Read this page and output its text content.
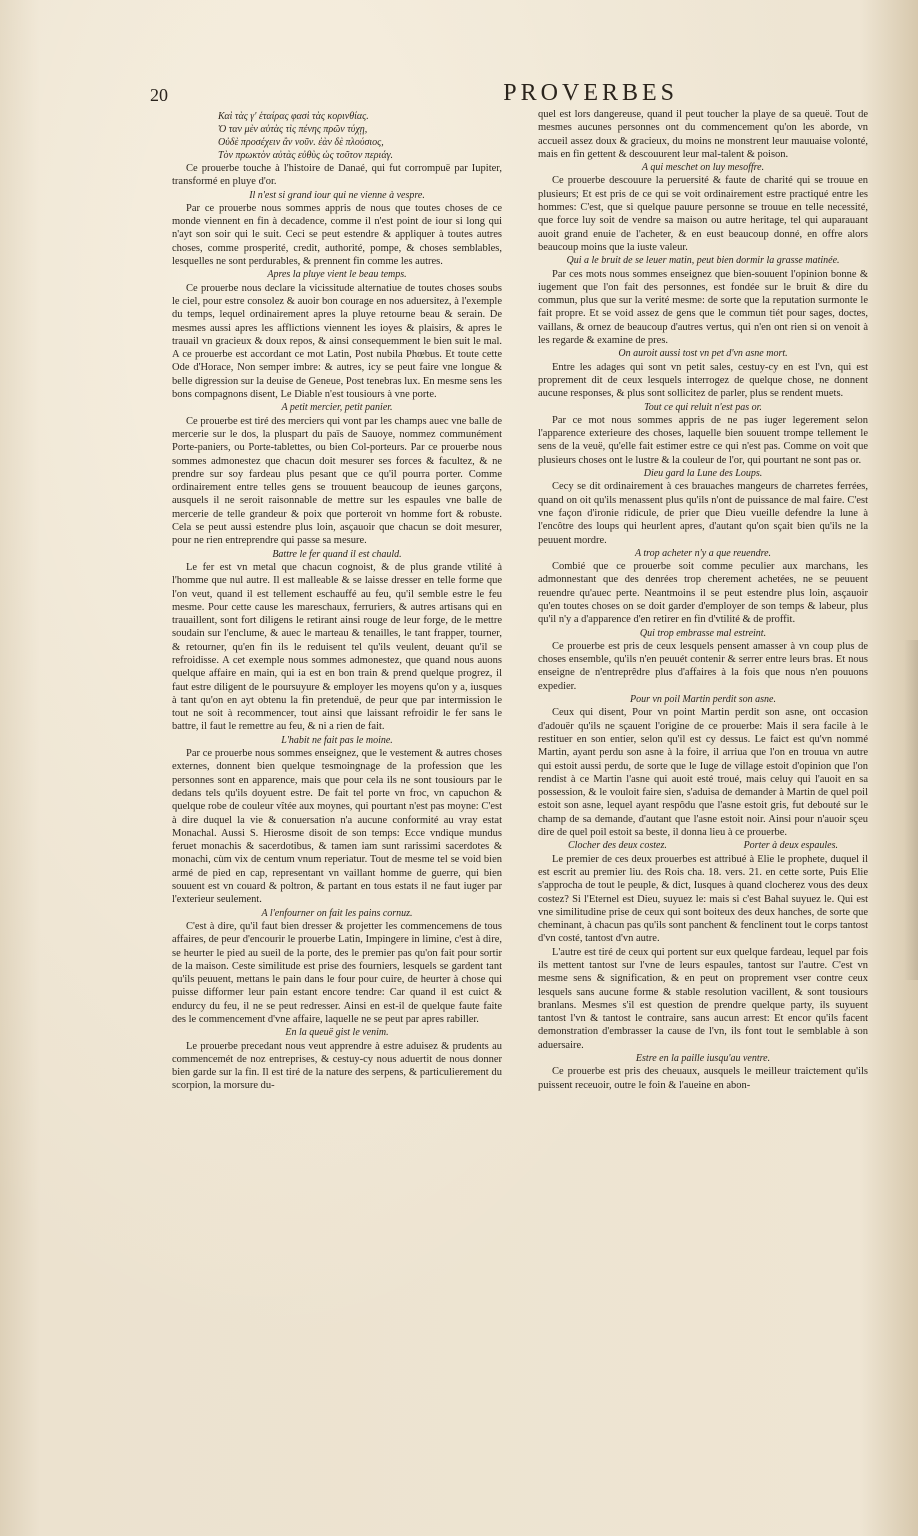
20	PROVERBES
Καὶ τὰς γ' ἑταίρας φασὶ τὰς κορινθίας.
Ὁ ταν μὲν αὐτὰς τὶς πένης πρῶν τύχῃ,
Οὐδὲ προσέχειν ἂν νοῦν. ἐὰν δὲ πλούσιος,
Τὸν πρωκτὸν αὐτὰς εὐθὺς ὡς τοῦτον περιάγ.

Ce prouerbe touche à l'histoire de Danaé, qui fut corrompuë par Iupiter, transformé en pluye d'or.

Il n'est si grand iour qui ne vienne à vespre.

Par ce prouerbe nous sommes appris de nous que toutes choses de ce monde viennent en fin à decadence, comme il n'est point de iour si long qui n'ayt son soir qui le suit. Ceci se peut estendre & appliquer à toutes autres choses, comme prosperité, credit, authorité, pompe, & choses semblables, lesquelles ne sont perdurables, & prennent fin comme les autres.

Apres la pluye vient le beau temps.

Ce prouerbe nous declare la vicissitude alternatiue de toutes choses soubs le ciel, pour estre consolez & auoir bon courage en nos aduersitez, à l'exemple du temps, lequel ordinairement apres la pluye retourne beau & serain. De mesmes aussi apres les afflictions viennent les ioyes & plaisirs, & apres le trauail vn gracieux & doux repos, & ainsi consequemment le bien suit le mal. A ce prouerbe est accordant ce mot Latin, Post nubila Phœbus. Et toute cette Ode d'Horace, Non semper imbre: & autres, icy se peut faire vne longue & belle digression sur la deuise de Geneue, Post tenebras lux. En mesme sens les bons compagnons disent, Le Diable n'est tousiours à vne porte.

A petit mercier, petit panier.

Ce prouerbe est tiré des merciers qui vont par les champs auec vne balle de mercerie sur le dos, la pluspart du païs de Sauoye, nommez communément Porte-paniers, ou Porte-tablettes, ou bien Col-porteurs. Par ce prouerbe nous sommes admonestez que chacun doit mesurer ses forces & facultez, & ne prendre sur soy fardeau plus pesant que ce qu'il pourra porter. Comme ordinairement entre telles gens se trouuent beaucoup de ieunes garçons, ausquels il ne seroit raisonnable de mettre sur les espaules vne balle de mercerie de telle grandeur & poix que porteroit vn homme fort & robuste. Cela se peut aussi estendre plus loin, asçauoir que chacun se doit mesurer, pour ne rien entreprendre qui passe sa mesure.

Battre le fer quand il est chauld.

Le fer est vn metal que chacun cognoist, & de plus grande vtilité à l'homme que nul autre. Il est malleable & se laisse dresser en telle forme que l'on veut, quand il est tellement eschauffé au feu, qu'il semble estre le feu mesme. Pour cette cause les mareschaux, ferruriers, & autres artisans qui en trauaillent, sont fort diligens le retirant ainsi rouge de leur forge, de le mettre soudain sur l'enclume, & auec le marteau & tenailles, le tant frapper, tourner, & retourner, qu'en fin ils le reduisent tel qu'ils veulent, deuant qu'il se refroidisse. A cet exemple nous sommes admonestez, que quand nous auons quelque affaire en main, qui ia est en bon train & prend quelque progrez, il faut estre diligent de le poursuyure & employer les moyens qu'on y a, iusques à tant qu'on en ayt obtenu la fin pretenduë, de peur que par intermission le tout ne soit à recommencer, tout ainsi que laissant refroidir le fer sans le battre, il faut le remettre au feu, & ni a rien de fait.

L'habit ne fait pas le moine.

Par ce prouerbe nous sommes enseignez, que le vestement & autres choses externes, donnent bien quelque tesmoingnage de la profession que les personnes sont en apparence, mais que pour cela ils ne sont tousiours par le dedans tels qu'ils doyuent estre. De fait tel porte vn froc, vn capuchon & quelque robe de couleur vîtée aux moynes, qui pourtant n'est pas moyne: C'est à dire duquel la vie & conuersation n'a aucune conformité au vray estat Monachal. Aussi S. Hierosme disoit de son temps: Ecce vndique mundus feruet monachis & sacerdotibus, & tamen iam sunt rarissimi sacerdotes & monachi, cùm vix de centum vnum reperiatur. Tout de mesme tel se void bien armé de pied en cap, representant vn vaillant homme de guerre, qui bien souuent est vn couard & poltron, & partant en tous estats il ne faut iuger par l'exterieur seulement.

A l'enfourner on fait les pains cornuz.

C'est à dire, qu'il faut bien dresser & projetter les commencemens de tous affaires, de peur d'encourir le prouerbe Latin, Impingere in limine, c'est à dire, se heurter le pied au sueil de la porte, des le premier pas qu'on fait pour sortir de la maison. Ceste similitude est prise des fourniers, lesquels se gardent tant qu'ils peuuent, mettans le pain dans le four pour cuire, de heurter à chose qui puisse difformer leur pain estant encore tendre: Car quand il est cuict & endurcy du feu, il ne se peut redresser. Ainsi en est-il de quelque faute faite des le commencement d'vne affaire, laquelle ne se peut par apres rabiller.

En la queuë gist le venim.

Le prouerbe precedant nous veut apprendre à estre aduisez & prudents au commencemét de noz entreprises, & cestuy-cy nous aduertit de nous donner bien garde sur la fin. Il est tiré de la nature des serpens, & particulierement du scorpion, la morsure du-

quel est lors dangereuse, quand il peut toucher la playe de sa queuë. Tout de mesmes aucunes personnes ont du commencement qu'on les aborde, vn accueil assez doux & gracieux, du moins ne monstrent leur mauuaise volonté, mais en fin gettent & descouurent leur mal-talent & poison.

A qui meschet on luy mesoffre.

Ce prouerbe descouure la peruersité & faute de charité qui se trouue en plusieurs; Et est pris de ce qui se voit ordinairement estre practiqué entre les hommes: C'est, que si quelque pauure personne se trouue en telle necessité, que force luy soit de vendre sa maison ou autre heritage, tel qui auparauant auoit grand enuie de l'acheter, & en eust beaucoup donné, en offre alors beaucoup moins que la iuste valeur.

Qui a le bruit de se leuer matin, peut bien dormir la grasse matinée.

Par ces mots nous sommes enseignez que bien-souuent l'opinion bonne & iugement que l'on fait des personnes, est fondée sur le bruit & dire du commun, plus que sur la verité mesme: de sorte que la reputation surmonte le fait propre. Et se void assez de gens que le commun tiét pour sages, doctes, vaillans, & ornez de beaucoup d'autres vertus, qui n'en ont rien si on venoit à les regarde & examine de pres.

On auroit aussi tost vn pet d'vn asne mort.

Entre les adages qui sont vn petit sales, cestuy-cy en est l'vn, qui est proprement dit de ceux lesquels interrogez de quelque chose, ne donnent aucune responses, & plus sont sollicitez de parler, plus se rendent muets.

Tout ce qui reluit n'est pas or.

Par ce mot nous sommes appris de ne pas iuger legerement selon l'apparence exterieure des choses, laquelle bien souuent trompe tellement le sens de la veuë, qu'elle fait estimer estre ce qui n'est pas. Comme on voit que plusieurs choses ont le lustre & la couleur de l'or, qui pourtant ne sont pas or.

Dieu gard la Lune des Loups.

Cecy se dit ordinairement à ces brauaches mangeurs de charretes ferrées, quand on oit qu'ils menassent plus qu'ils n'ont de puissance de mal faire. C'est vne façon d'ironie ridicule, de prier que Dieu vueille defendre la lune à l'encôtre des loups qui heurlent apres, d'autant qu'on sçait bien qu'ils ne la peuuent mordre.

A trop acheter n'y a que reuendre.

Combié que ce prouerbe soit comme peculier aux marchans, les admonnestant que des denrées trop cherement achetées, ne se peuuent reuendre qu'auec perte. Neantmoins il se peut estendre plus loin, asçauoir qu'en toutes choses on se doit garder d'employer de son temps & labeur, plus qu'il n'y a d'apparence d'en retirer en fin d'vtilité & de proffit.

Qui trop embrasse mal estreint.

Ce prouerbe est pris de ceux lesquels pensent amasser à vn coup plus de choses ensemble, qu'ils n'en peuuét contenir & serrer entre leurs bras. Et nous enseigne de n'entreprêdre plus d'affaires à la fois que nous n'en pouuons expedier.

Pour vn poil Martin perdit son asne.

Ceux qui disent, Pour vn point Martin perdit son asne, ont occasion d'adouër qu'ils ne sçauent l'origine de ce prouerbe: Mais il sera facile à le restituer en son entier, selon qu'il est cy dessus. Le faict est qu'vn nommé Martin, ayant perdu son asne à la foire, il arriua que l'on en trouua vn autre qui estoit aussi perdu, de sorte que le Iuge de village estoit d'opinion que l'on rendist à ce Martin l'asne qui auoit esté troué, mais celuy qui l'auoit en sa possession, & le vouloit faire sien, s'aduisa de demander à Martin de quel poil estoit son asne, lequel ayant respôdu que l'asne estoit gris, fut debouté sur le champ de sa demande, d'autant que l'asne estoit noir. Ainsi pour n'auoir sçeu dire de quel poil estoit sa beste, il donna lieu à ce prouerbe.

Clocher des deux costez.	Porter à deux espaules.

Le premier de ces deux prouerbes est attribué à Elie le prophete, duquel il est escrit au premier liu. des Rois cha. 18. vers. 21. en cette sorte, Puis Elie s'approcha de tout le peuple, & dict, Iusques à quand clocherez vous des deux costez? Si l'Eternel est Dieu, suyuez le: mais si c'est Bahal suyuez le. Qui est vne similitudine prise de ceux qui sont boiteux des deux hanches, de sorte que cheminant, à chacun pas qu'ils sont panchent & fenclinent tout le corps tantost d'vn costé, tantost d'vn autre.

L'autre est tiré de ceux qui portent sur eux quelque fardeau, lequel par fois ils mettent tantost sur l'vne de leurs espaules, tantost sur l'autre. C'est vn mesme sens & signification, & en peut on proprement vser contre ceux lesquels sans aucune forme & stable resolution vacillent, & sont tousiours branlans. Mesmes s'il est question de prendre quelque party, ils suyuent tantost l'vn & tantost le contraire, sans aucun arrest: Et encor qu'ils facent demonstration d'embrasser la cause de l'vn, ils font tout le semblable à son aduersaire.

Estre en la paille iusqu'au ventre.

Ce prouerbe est pris des cheuaux, ausquels le meilleur traictement qu'ils puissent receuoir, outre le foin & l'aueine en abon-
